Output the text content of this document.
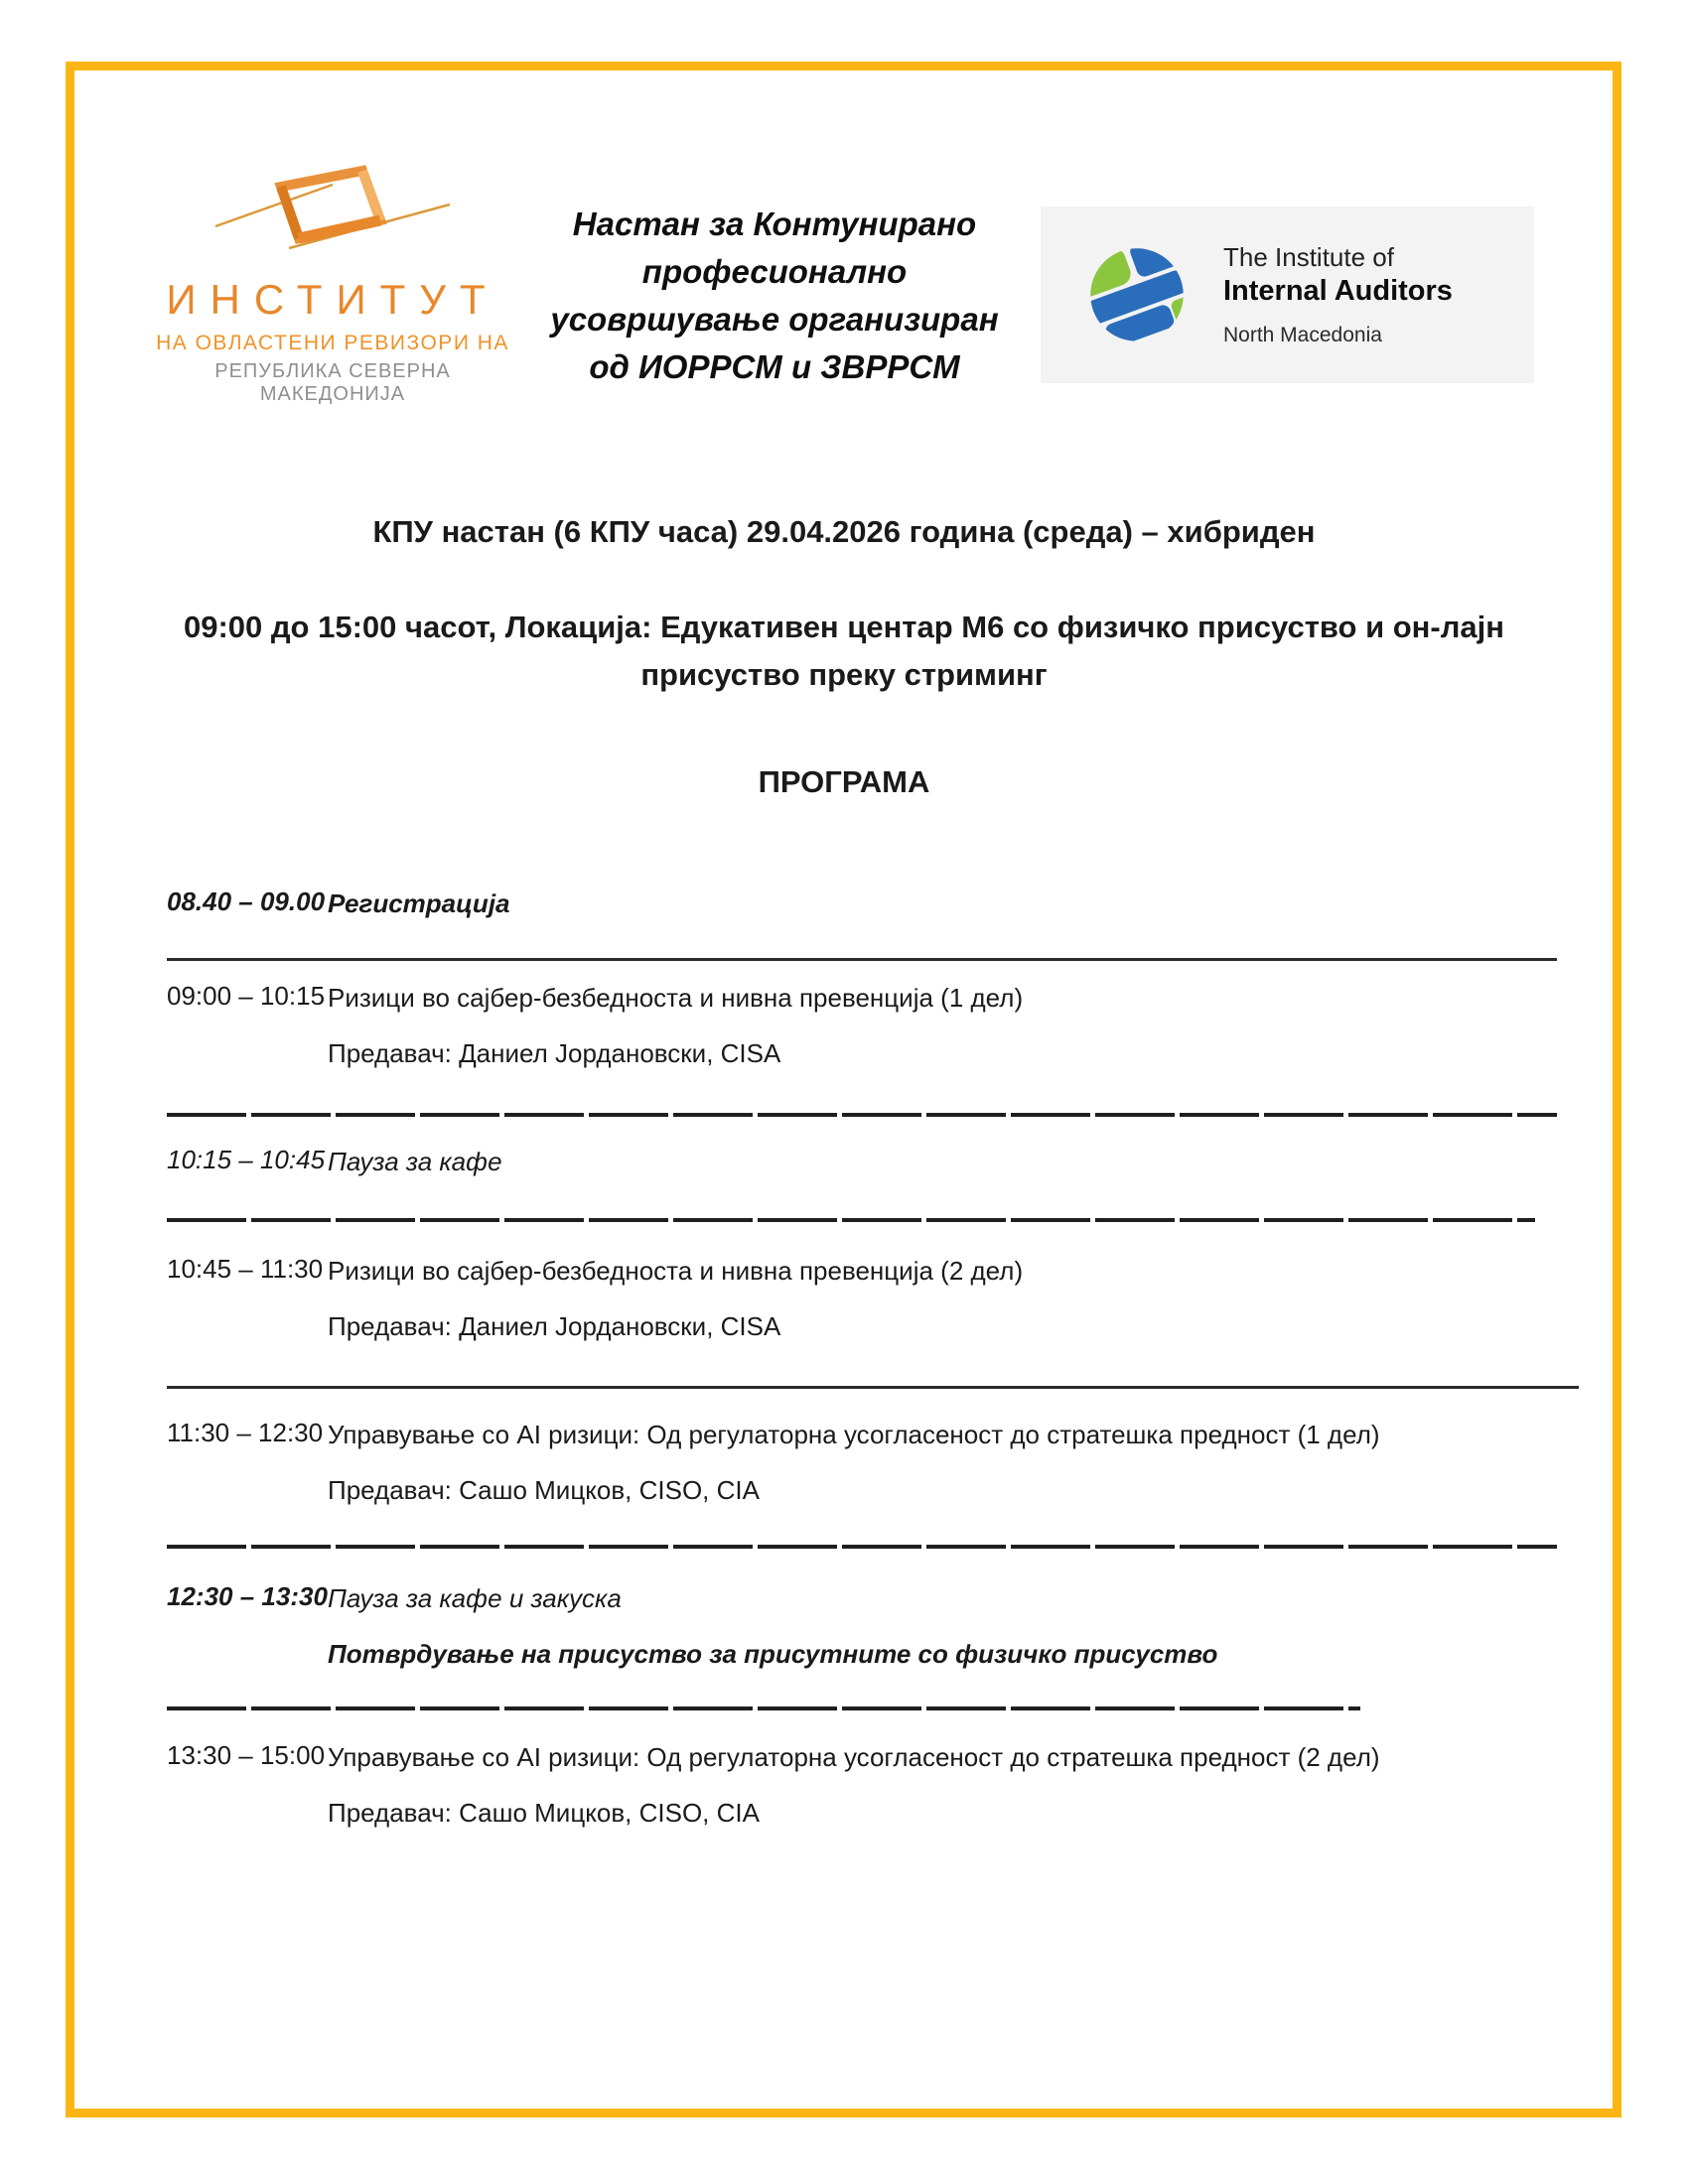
ИНСТИТУТ
НА ОВЛАСТЕНИ РЕВИЗОРИ НА
РЕПУБЛИКА СЕВЕРНА МАКЕДОНИЈА
Настан за Контунирано
професионално
усовршување организиран
од ИОРРСМ и ЗВРРСМ
The Institute of
Internal Auditors
North Macedonia
КПУ настан (6 КПУ часа) 29.04.2026 година (среда) – хибриден
09:00 до 15:00 часот, Локација: Едукативен центар М6 со физичко присуство и он-лајн присуство преку стриминг
ПРОГРАМА
08.40 – 09.00 Регистрација
09:00 – 10:15 Ризици во сајбер-безбедноста и нивна превенција (1 дел)
Предавач: Даниел Јордановски, CISA
10:15 – 10:45 Пауза за кафе
10:45 – 11:30 Ризици во сајбер-безбедноста и нивна превенција (2 дел)
Предавач: Даниел Јордановски, CISA
11:30 – 12:30 Управување со AI ризици: Од регулаторна усогласеност до стратешка предност (1 дел)
Предавач: Сашо Мицков, CISO, CIA
12:30 – 13:30 Пауза за кафе и закуска
Потврдување на присуство за присутните со физичко присуство
13:30 – 15:00 Управување со AI ризици: Од регулаторна усогласеност до стратешка предност (2 дел)
Предавач: Сашо Мицков, CISO, CIA
